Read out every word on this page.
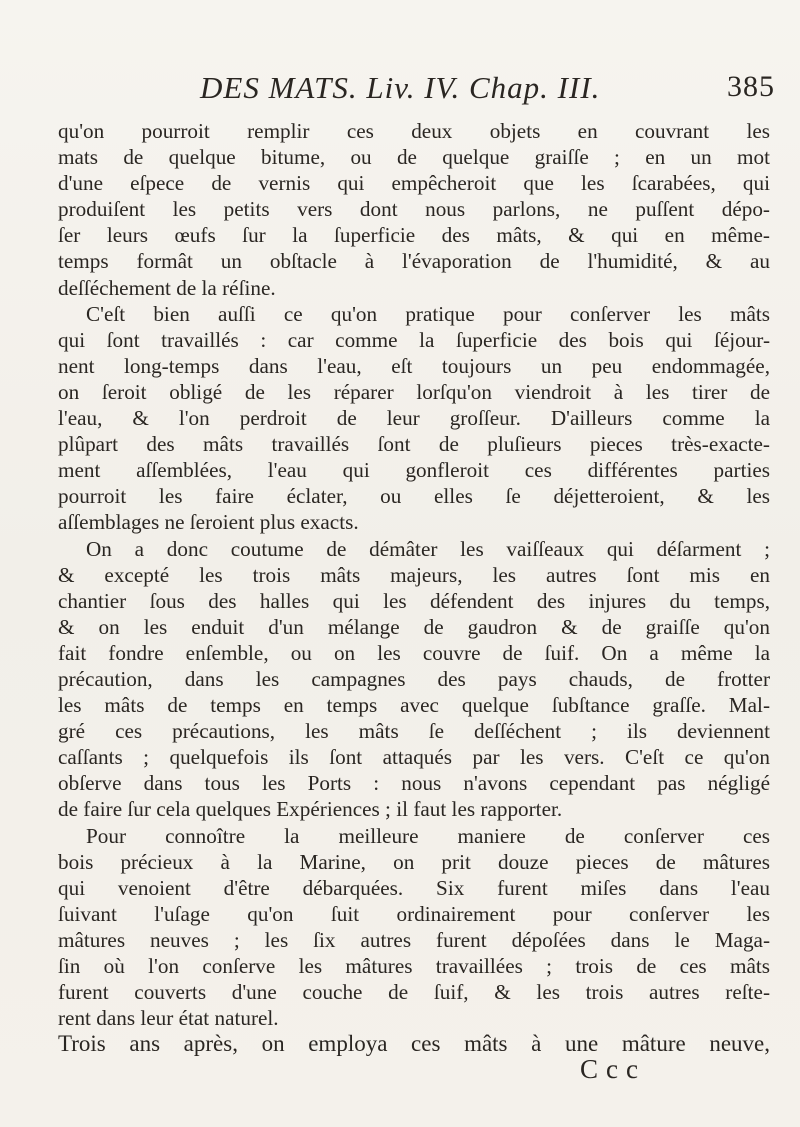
DES MATS. Liv. IV. Chap. III.	385
qu'on pourroit remplir ces deux objets en couvrant les
mats de quelque bitume, ou de quelque graiſſe ; en un mot
d'une eſpece de vernis qui empêcheroit que les ſcarabées, qui
produiſent les petits vers dont nous parlons, ne puſſent dépo-
ſer leurs œufs ſur la ſuperficie des mâts, & qui en même-
temps formât un obſtacle à l'évaporation de l'humidité, & au
deſſéchement de la réſine.
C'eſt bien auſſi ce qu'on pratique pour conſerver les mâts
qui ſont travaillés : car comme la ſuperficie des bois qui ſéjour-
nent long-temps dans l'eau, eſt toujours un peu endommagée,
on ſeroit obligé de les réparer lorſqu'on viendroit à les tirer de
l'eau, & l'on perdroit de leur groſſeur. D'ailleurs comme la
plûpart des mâts travaillés ſont de pluſieurs pieces très-exacte-
ment aſſemblées, l'eau qui gonfleroit ces différentes parties
pourroit les faire éclater, ou elles ſe déjetteroient, & les
aſſemblages ne ſeroient plus exacts.
On a donc coutume de démâter les vaiſſeaux qui déſarment ;
& excepté les trois mâts majeurs, les autres ſont mis en
chantier ſous des halles qui les défendent des injures du temps,
& on les enduit d'un mélange de gaudron & de graiſſe qu'on
fait fondre enſemble, ou on les couvre de ſuif. On a même la
précaution, dans les campagnes des pays chauds, de frotter
les mâts de temps en temps avec quelque ſubſtance graſſe. Mal-
gré ces précautions, les mâts ſe deſſéchent ; ils deviennent
caſſants ; quelquefois ils ſont attaqués par les vers. C'eſt ce qu'on
obſerve dans tous les Ports : nous n'avons cependant pas négligé
de faire ſur cela quelques Expériences ; il faut les rapporter.
Pour connoître la meilleure maniere de conſerver ces
bois précieux à la Marine, on prit douze pieces de mâtures
qui venoient d'être débarquées. Six furent miſes dans l'eau
ſuivant l'uſage qu'on ſuit ordinairement pour conſerver les
mâtures neuves ; les ſix autres furent dépoſées dans le Maga-
ſin où l'on conſerve les mâtures travaillées ; trois de ces mâts
furent couverts d'une couche de ſuif, & les trois autres reſte-
rent dans leur état naturel.
Trois ans après, on employa ces mâts à une mâture neuve,
Ccc
